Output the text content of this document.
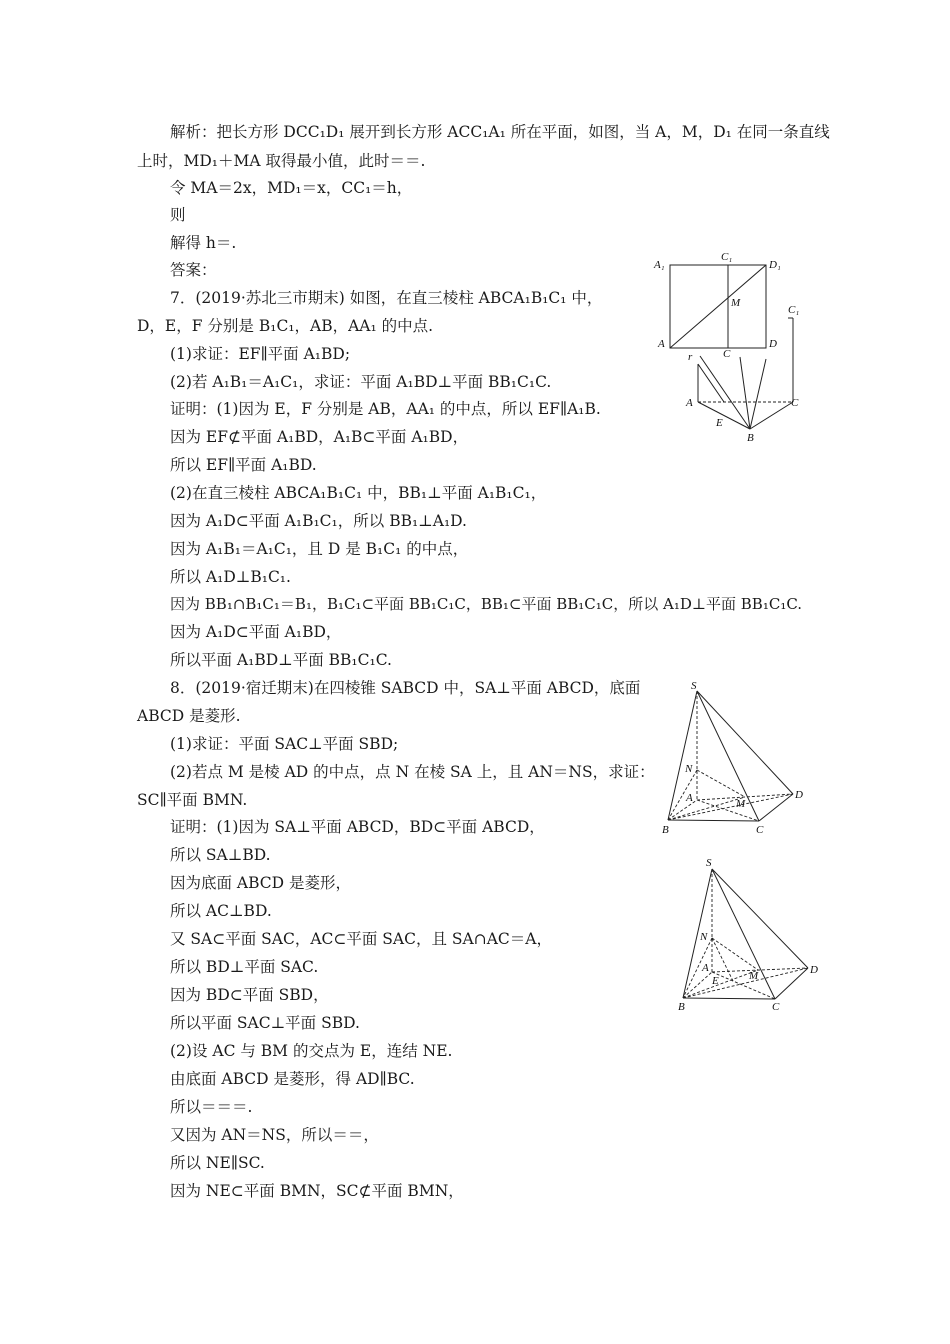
解析：把长方形 DCC₁D₁ 展开到长方形 ACC₁A₁ 所在平面，如图，当 A，M，D₁ 在同一条直线
上时，MD₁＋MA 取得最小值，此时＝＝.
令 MA＝2x，MD₁＝x，CC₁＝h，
则
解得 h＝.
答案：
7．(2019·苏北三市期末) 如图，在直三棱柱 ABCA₁B₁C₁ 中，
D，E，F 分别是 B₁C₁，AB，AA₁ 的中点.
(1)求证：EF∥平面 A₁BD;
(2)若 A₁B₁＝A₁C₁，求证：平面 A₁BD⊥平面 BB₁C₁C.
证明：(1)因为 E，F 分别是 AB，AA₁ 的中点，所以 EF∥A₁B.
因为 EF⊄平面 A₁BD，A₁B⊂平面 A₁BD，
所以 EF∥平面 A₁BD.
(2)在直三棱柱 ABCA₁B₁C₁ 中，BB₁⊥平面 A₁B₁C₁，
因为 A₁D⊂平面 A₁B₁C₁，所以 BB₁⊥A₁D.
因为 A₁B₁＝A₁C₁，且 D 是 B₁C₁ 的中点，
所以 A₁D⊥B₁C₁.
因为 BB₁∩B₁C₁＝B₁，B₁C₁⊂平面 BB₁C₁C，BB₁⊂平面 BB₁C₁C，所以 A₁D⊥平面 BB₁C₁C.
因为 A₁D⊂平面 A₁BD，
所以平面 A₁BD⊥平面 BB₁C₁C.
8．(2019·宿迁期末)在四棱锥 SABCD 中，SA⊥平面 ABCD，底面
ABCD 是菱形.
(1)求证：平面 SAC⊥平面 SBD;
(2)若点 M 是棱 AD 的中点，点 N 在棱 SA 上，且 AN＝NS，求证：
SC∥平面 BMN.
证明：(1)因为 SA⊥平面 ABCD，BD⊂平面 ABCD，
所以 SA⊥BD.
因为底面 ABCD 是菱形，
所以 AC⊥BD.
又 SA⊂平面 SAC，AC⊂平面 SAC，且 SA∩AC＝A，
所以 BD⊥平面 SAC.
因为 BD⊂平面 SBD，
所以平面 SAC⊥平面 SBD.
(2)设 AC 与 BM 的交点为 E，连结 NE.
由底面 ABCD 是菱形，得 AD∥BC.
所以＝＝＝.
又因为 AN＝NS，所以＝＝，
所以 NE∥SC.
因为 NE⊂平面 BMN，SC⊄平面 BMN，
A₁
C₁
D₁
M
A
C
D
C₁
r
A	C
E
B
S
N
A	M
D
B	C
S
N
A
E	M	D
B	C
